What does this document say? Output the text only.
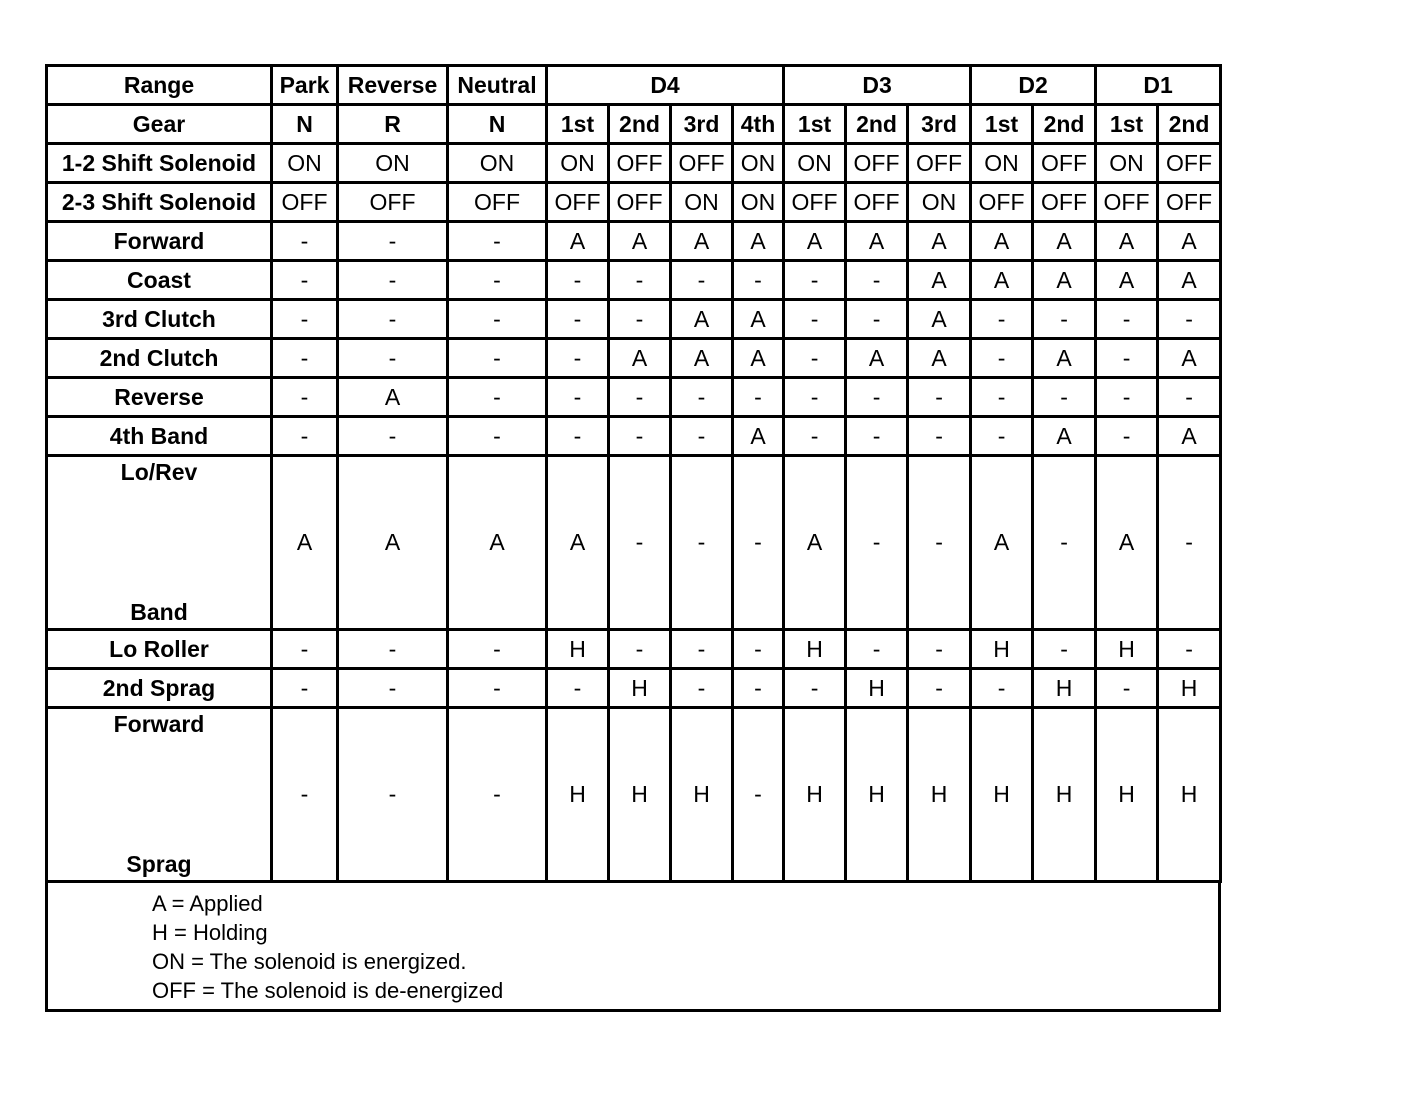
Range	Park	Reverse	Neutral	D4				D3			D2		D1	
Gear	N	R	N	1st	2nd	3rd	4th	1st	2nd	3rd	1st	2nd	1st	2nd
1-2 Shift Solenoid	ON	ON	ON	ON	OFF	OFF	ON	ON	OFF	OFF	ON	OFF	ON	OFF
2-3 Shift Solenoid	OFF	OFF	OFF	OFF	OFF	ON	ON	OFF	OFF	ON	OFF	OFF	OFF	OFF
Forward	-	-	-	A	A	A	A	A	A	A	A	A	A	A
Coast	-	-	-	-	-	-	-	-	-	A	A	A	A	A
3rd Clutch	-	-	-	-	-	A	A	-	-	A	-	-	-	-
2nd Clutch	-	-	-	-	A	A	A	-	A	A	-	A	-	A
Reverse	-	A	-	-	-	-	-	-	-	-	-	-	-	-
4th Band	-	-	-	-	-	-	A	-	-	-	-	A	-	A

Lo/Rev
Band	A	A	A	A	-	-	-	A	-	-	A	-	A	-
Lo Roller	-	-	-	H	-	-	-	H	-	-	H	-	H	-
2nd Sprag	-	-	-	-	H	-	-	-	H	-	-	H	-	H

Forward
Sprag	-	-	-	H	H	H	-	H	H	H	H	H	H	H
A = Applied
H = Holding
ON = The solenoid is energized.
OFF = The solenoid is de-energized
